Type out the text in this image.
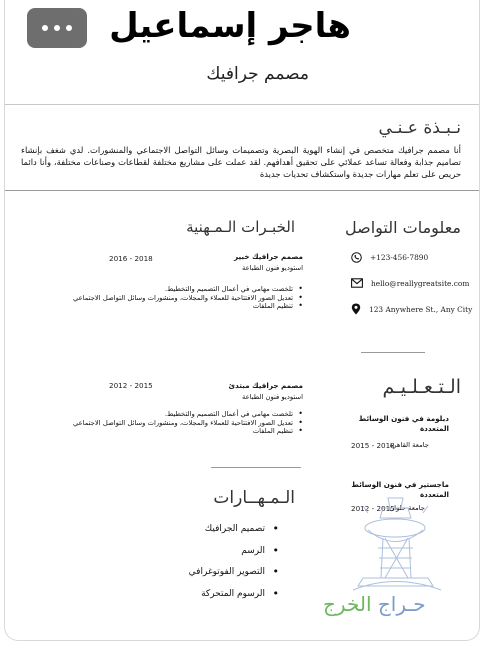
هاجر إسماعيل
مصمم جرافيك
نـبـذة عـنـي
أنا مصمم جرافيك متخصص في إنشاء الهوية البصرية وتصميمات وسائل التواصل الاجتماعي والمنشورات. لدي شغف بإنشاء تصاميم جذابة وفعالة تساعد عملائي على تحقيق أهدافهم. لقد عملت على مشاريع مختلفة لقطاعات وصناعات مختلفة، وأنا دائما حريص على تعلم مهارات جديدة واستكشاف تحديات جديدة
معلومات التواصل
+123-456-7890
hello@reallygreatsite.com
123 Anywhere St., Any City
الخبـرات الـمـهنية
مصمم جرافيك خبير
استوديو فنون الطباعة
2016 - 2018
• تلخصت مهامي في أعمال التصميم والتخطيط.
• تعديل الصور الافتتاحية للعملاء والمجلات، ومنشورات وسائل التواصل الاجتماعي
• تنظيم الملفات
مصمم جرافيك مبتدئ
استوديو فنون الطباعة
2012 - 2015
• تلخصت مهامي في أعمال التصميم والتخطيط.
• تعديل الصور الافتتاحية للعملاء والمجلات، ومنشورات وسائل التواصل الاجتماعي
• تنظيم الملفات
الـتـعـلـيـم
دبلومة في فنون الوسائط المتعددة
جامعة القاهرة
2015 - 2018
ماجستير في فنون الوسائط المتعددة
2012 - 2015
جامعة حلوان
الـمـهــارات
• تصميم الجرافيك
• الرسم
• التصوير الفوتوغرافي
• الرسوم المتحركة	حـراج الخرج
